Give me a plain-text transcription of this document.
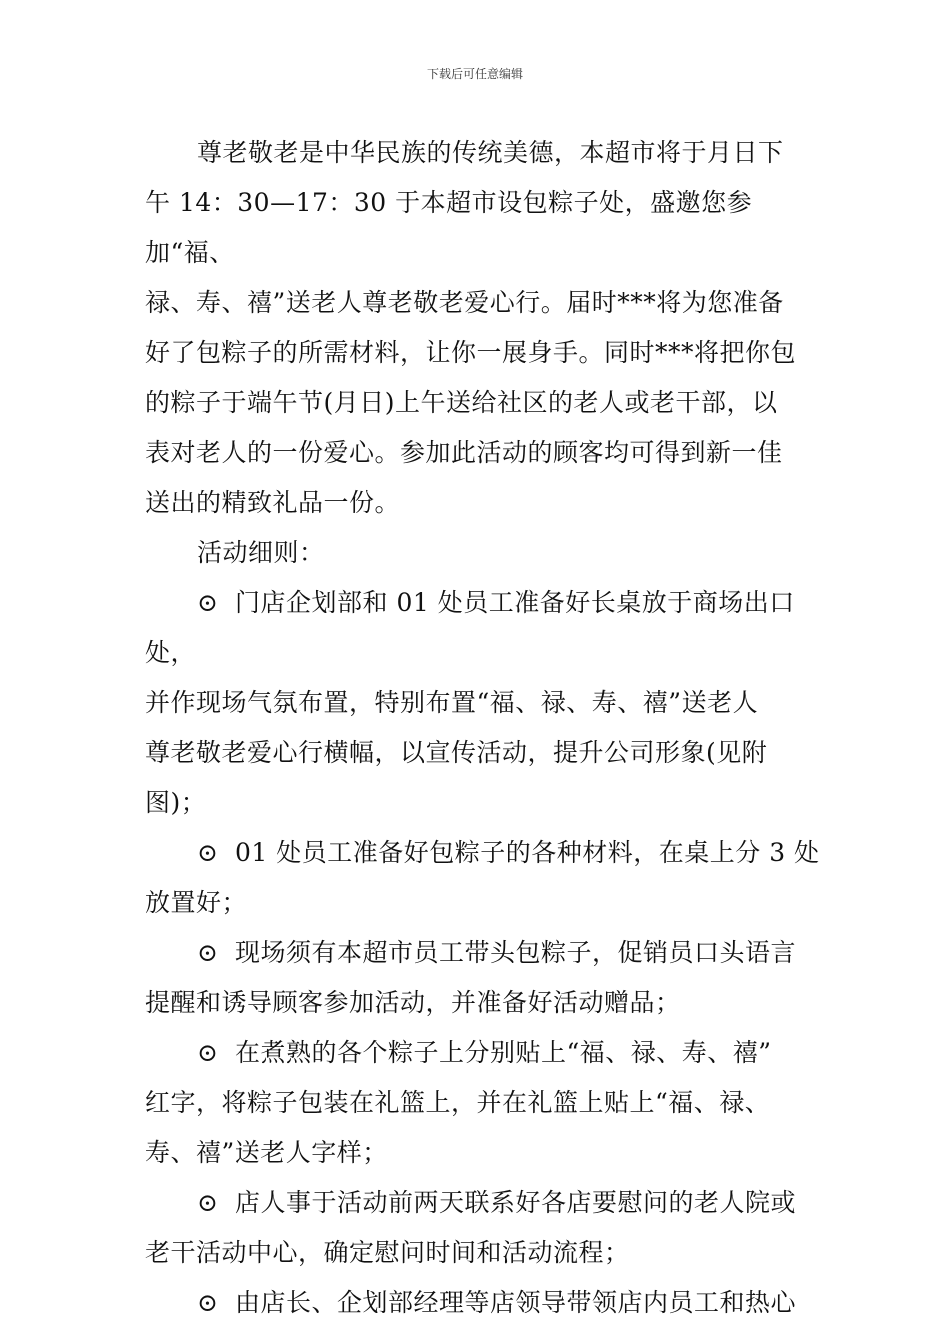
下载后可任意编辑
尊老敬老是中华民族的传统美德，本超市将于月日下
午 14：30—17：30 于本超市设包粽子处，盛邀您参加“福、
禄、寿、禧”送老人尊老敬老爱心行。届时***将为您准备
好了包粽子的所需材料，让你一展身手。同时***将把你包
的粽子于端午节(月日)上午送给社区的老人或老干部，以
表对老人的一份爱心。参加此活动的顾客均可得到新一佳
送出的精致礼品一份。
活动细则：
⊙ 门店企划部和 01 处员工准备好长桌放于商场出口处，
并作现场气氛布置，特别布置“福、禄、寿、禧”送老人
尊老敬老爱心行横幅，以宣传活动，提升公司形象(见附
图)；
⊙ 01 处员工准备好包粽子的各种材料，在桌上分 3 处
放置好；
⊙ 现场须有本超市员工带头包粽子，促销员口头语言
提醒和诱导顾客参加活动，并准备好活动赠品；
⊙ 在煮熟的各个粽子上分别贴上“福、禄、寿、禧”
红字，将粽子包装在礼篮上，并在礼篮上贴上“福、禄、
寿、禧”送老人字样；
⊙ 店人事于活动前两天联系好各店要慰问的老人院或
老干活动中心，确定慰问时间和活动流程；
⊙ 由店长、企划部经理等店领导带领店内员工和热心
